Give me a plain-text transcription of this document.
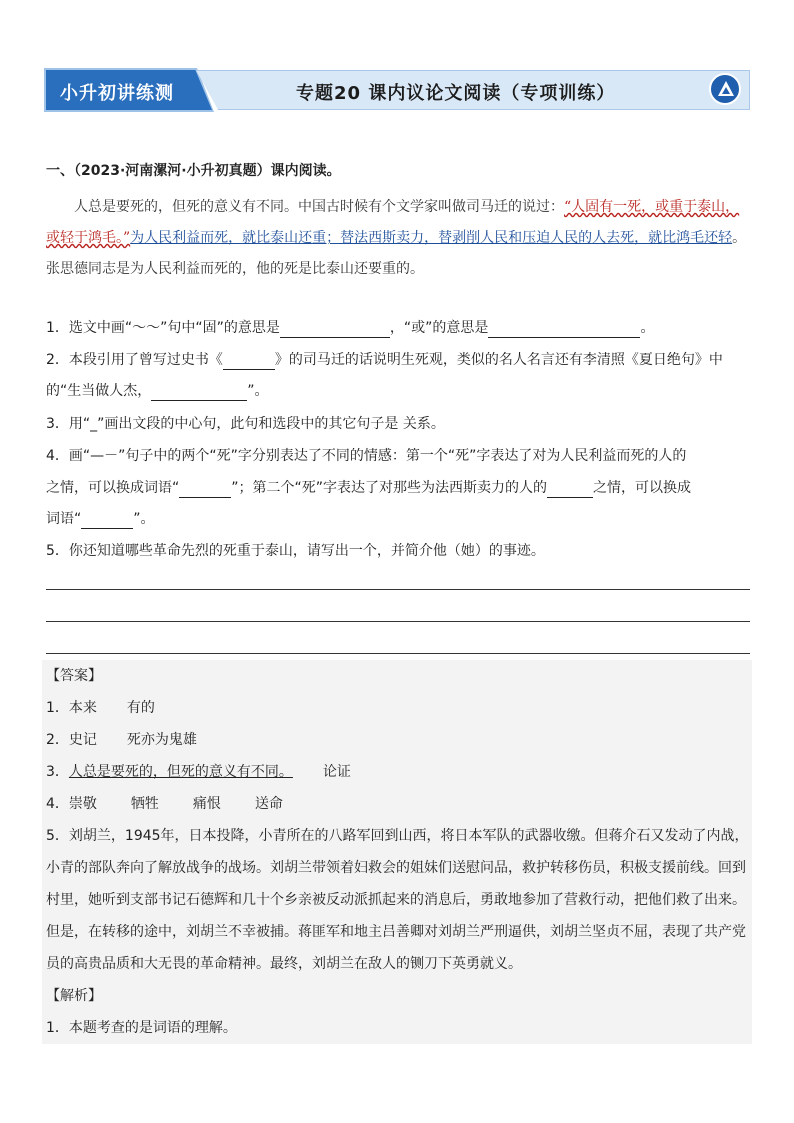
小升初讲练测	专题20 课内议论文阅读（专项训练）
一、（2023·河南漯河·小升初真题）课内阅读。
人总是要死的，但死的意义有不同。中国古时候有个文学家叫做司马迁的说过：“人固有一死，或重于泰山，或轻于鸿毛。”为人民利益而死，就比泰山还重；替法西斯卖力，替剥削人民和压迫人民的人去死，就比鸿毛还轻。张思德同志是为人民利益而死的，他的死是比泰山还要重的。
1．选文中画“～～”句中“固”的意思是	，“或”的意思是	。
2．本段引用了曾写过史书《	》的司马迁的话说明生死观，类似的名人名言还有李清照《夏日绝句》中
的“生当做人杰，	”。
3．用“_”画出文段的中心句，此句和选段中的其它句子是 关系。
4．画“—－”句子中的两个“死”字分别表达了不同的情感：第一个“死”字表达了对为人民利益而死的人的
之情，可以换成词语“	”；第二个“死”字表达了对那些为法西斯卖力的人的	之情，可以换成
词语“	”。
5．你还知道哪些革命先烈的死重于泰山，请写出一个，并简介他（她）的事迹。
【答案】
1．本来 有的
2．史记 死亦为鬼雄
3．人总是要死的，但死的意义有不同。 论证
4．崇敬 牺牲 痛恨 送命
5．刘胡兰，1945年，日本投降，小青所在的八路军回到山西，将日本军队的武器收缴。但蒋介石又发动了内战，小青的部队奔向了解放战争的战场。刘胡兰带领着妇救会的姐妹们送慰问品，救护转移伤员，积极支援前线。回到村里，她听到支部书记石德辉和几十个乡亲被反动派抓起来的消息后，勇敢地参加了营救行动，把他们救了出来。但是，在转移的途中，刘胡兰不幸被捕。蒋匪军和地主吕善卿对刘胡兰严刑逼供，刘胡兰坚贞不屈，表现了共产党员的高贵品质和大无畏的革命精神。最终，刘胡兰在敌人的铡刀下英勇就义。
【解析】
1．本题考查的是词语的理解。
